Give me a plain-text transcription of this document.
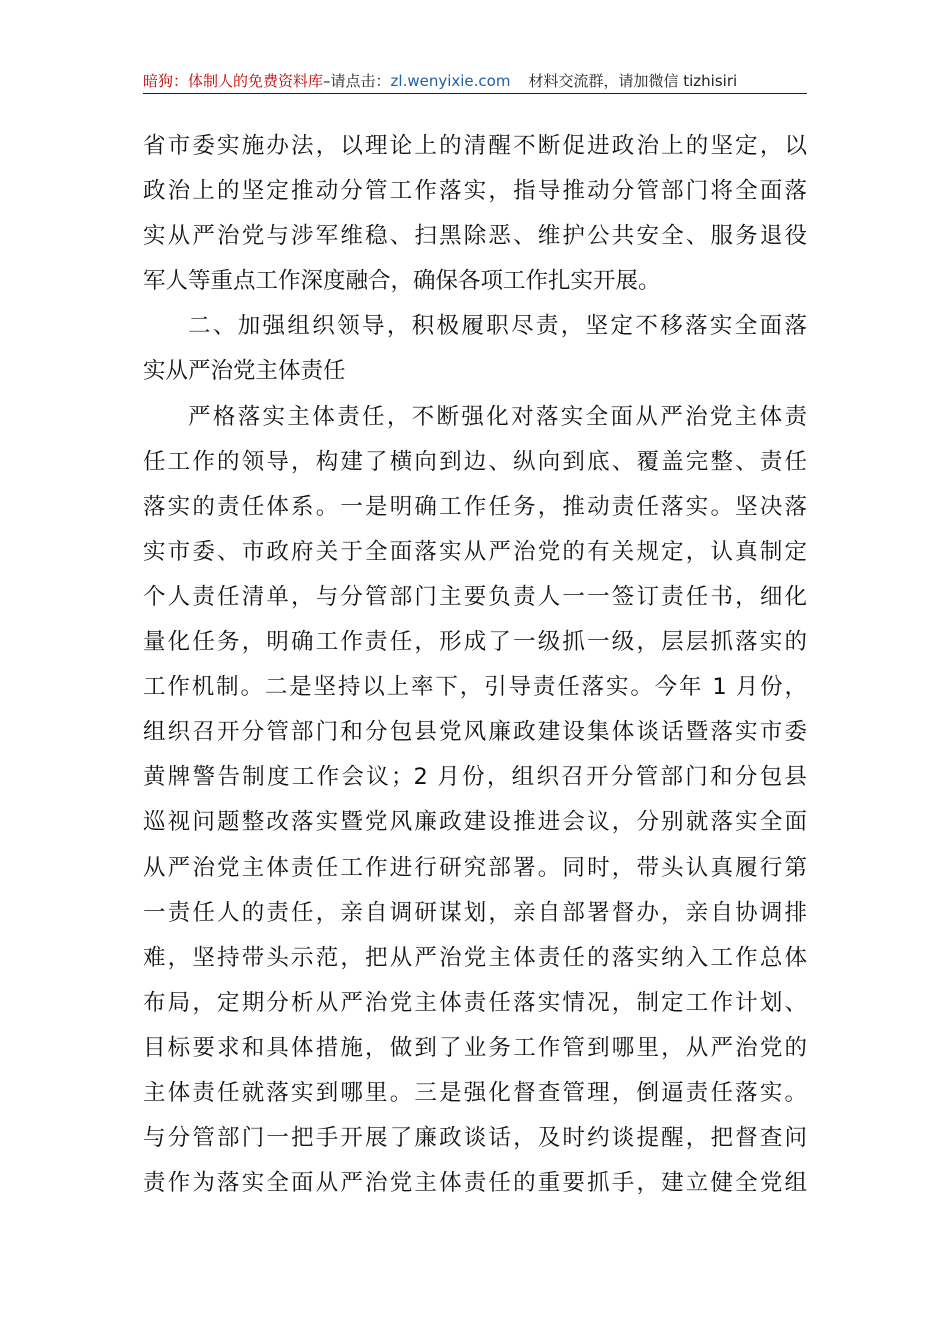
暗狗：体制人的免费资料库–请点击：zl.wenyixie.com 材料交流群，请加微信 tizhisiri
省市委实施办法，以理论上的清醒不断促进政治上的坚定，以
政治上的坚定推动分管工作落实，指导推动分管部门将全面落
实从严治党与涉军维稳、扫黑除恶、维护公共安全、服务退役
军人等重点工作深度融合，确保各项工作扎实开展。
二、加强组织领导，积极履职尽责，坚定不移落实全面落
实从严治党主体责任
严格落实主体责任，不断强化对落实全面从严治党主体责
任工作的领导，构建了横向到边、纵向到底、覆盖完整、责任
落实的责任体系。一是明确工作任务，推动责任落实。坚决落
实市委、市政府关于全面落实从严治党的有关规定，认真制定
个人责任清单，与分管部门主要负责人一一签订责任书，细化
量化任务，明确工作责任，形成了一级抓一级，层层抓落实的
工作机制。二是坚持以上率下，引导责任落实。今年 1 月份，
组织召开分管部门和分包县党风廉政建设集体谈话暨落实市委
黄牌警告制度工作会议；2 月份，组织召开分管部门和分包县
巡视问题整改落实暨党风廉政建设推进会议，分别就落实全面
从严治党主体责任工作进行研究部署。同时，带头认真履行第
一责任人的责任，亲自调研谋划，亲自部署督办，亲自协调排
难，坚持带头示范，把从严治党主体责任的落实纳入工作总体
布局，定期分析从严治党主体责任落实情况，制定工作计划、
目标要求和具体措施，做到了业务工作管到哪里，从严治党的
主体责任就落实到哪里。三是强化督查管理，倒逼责任落实。
与分管部门一把手开展了廉政谈话，及时约谈提醒，把督查问
责作为落实全面从严治党主体责任的重要抓手，建立健全党组
